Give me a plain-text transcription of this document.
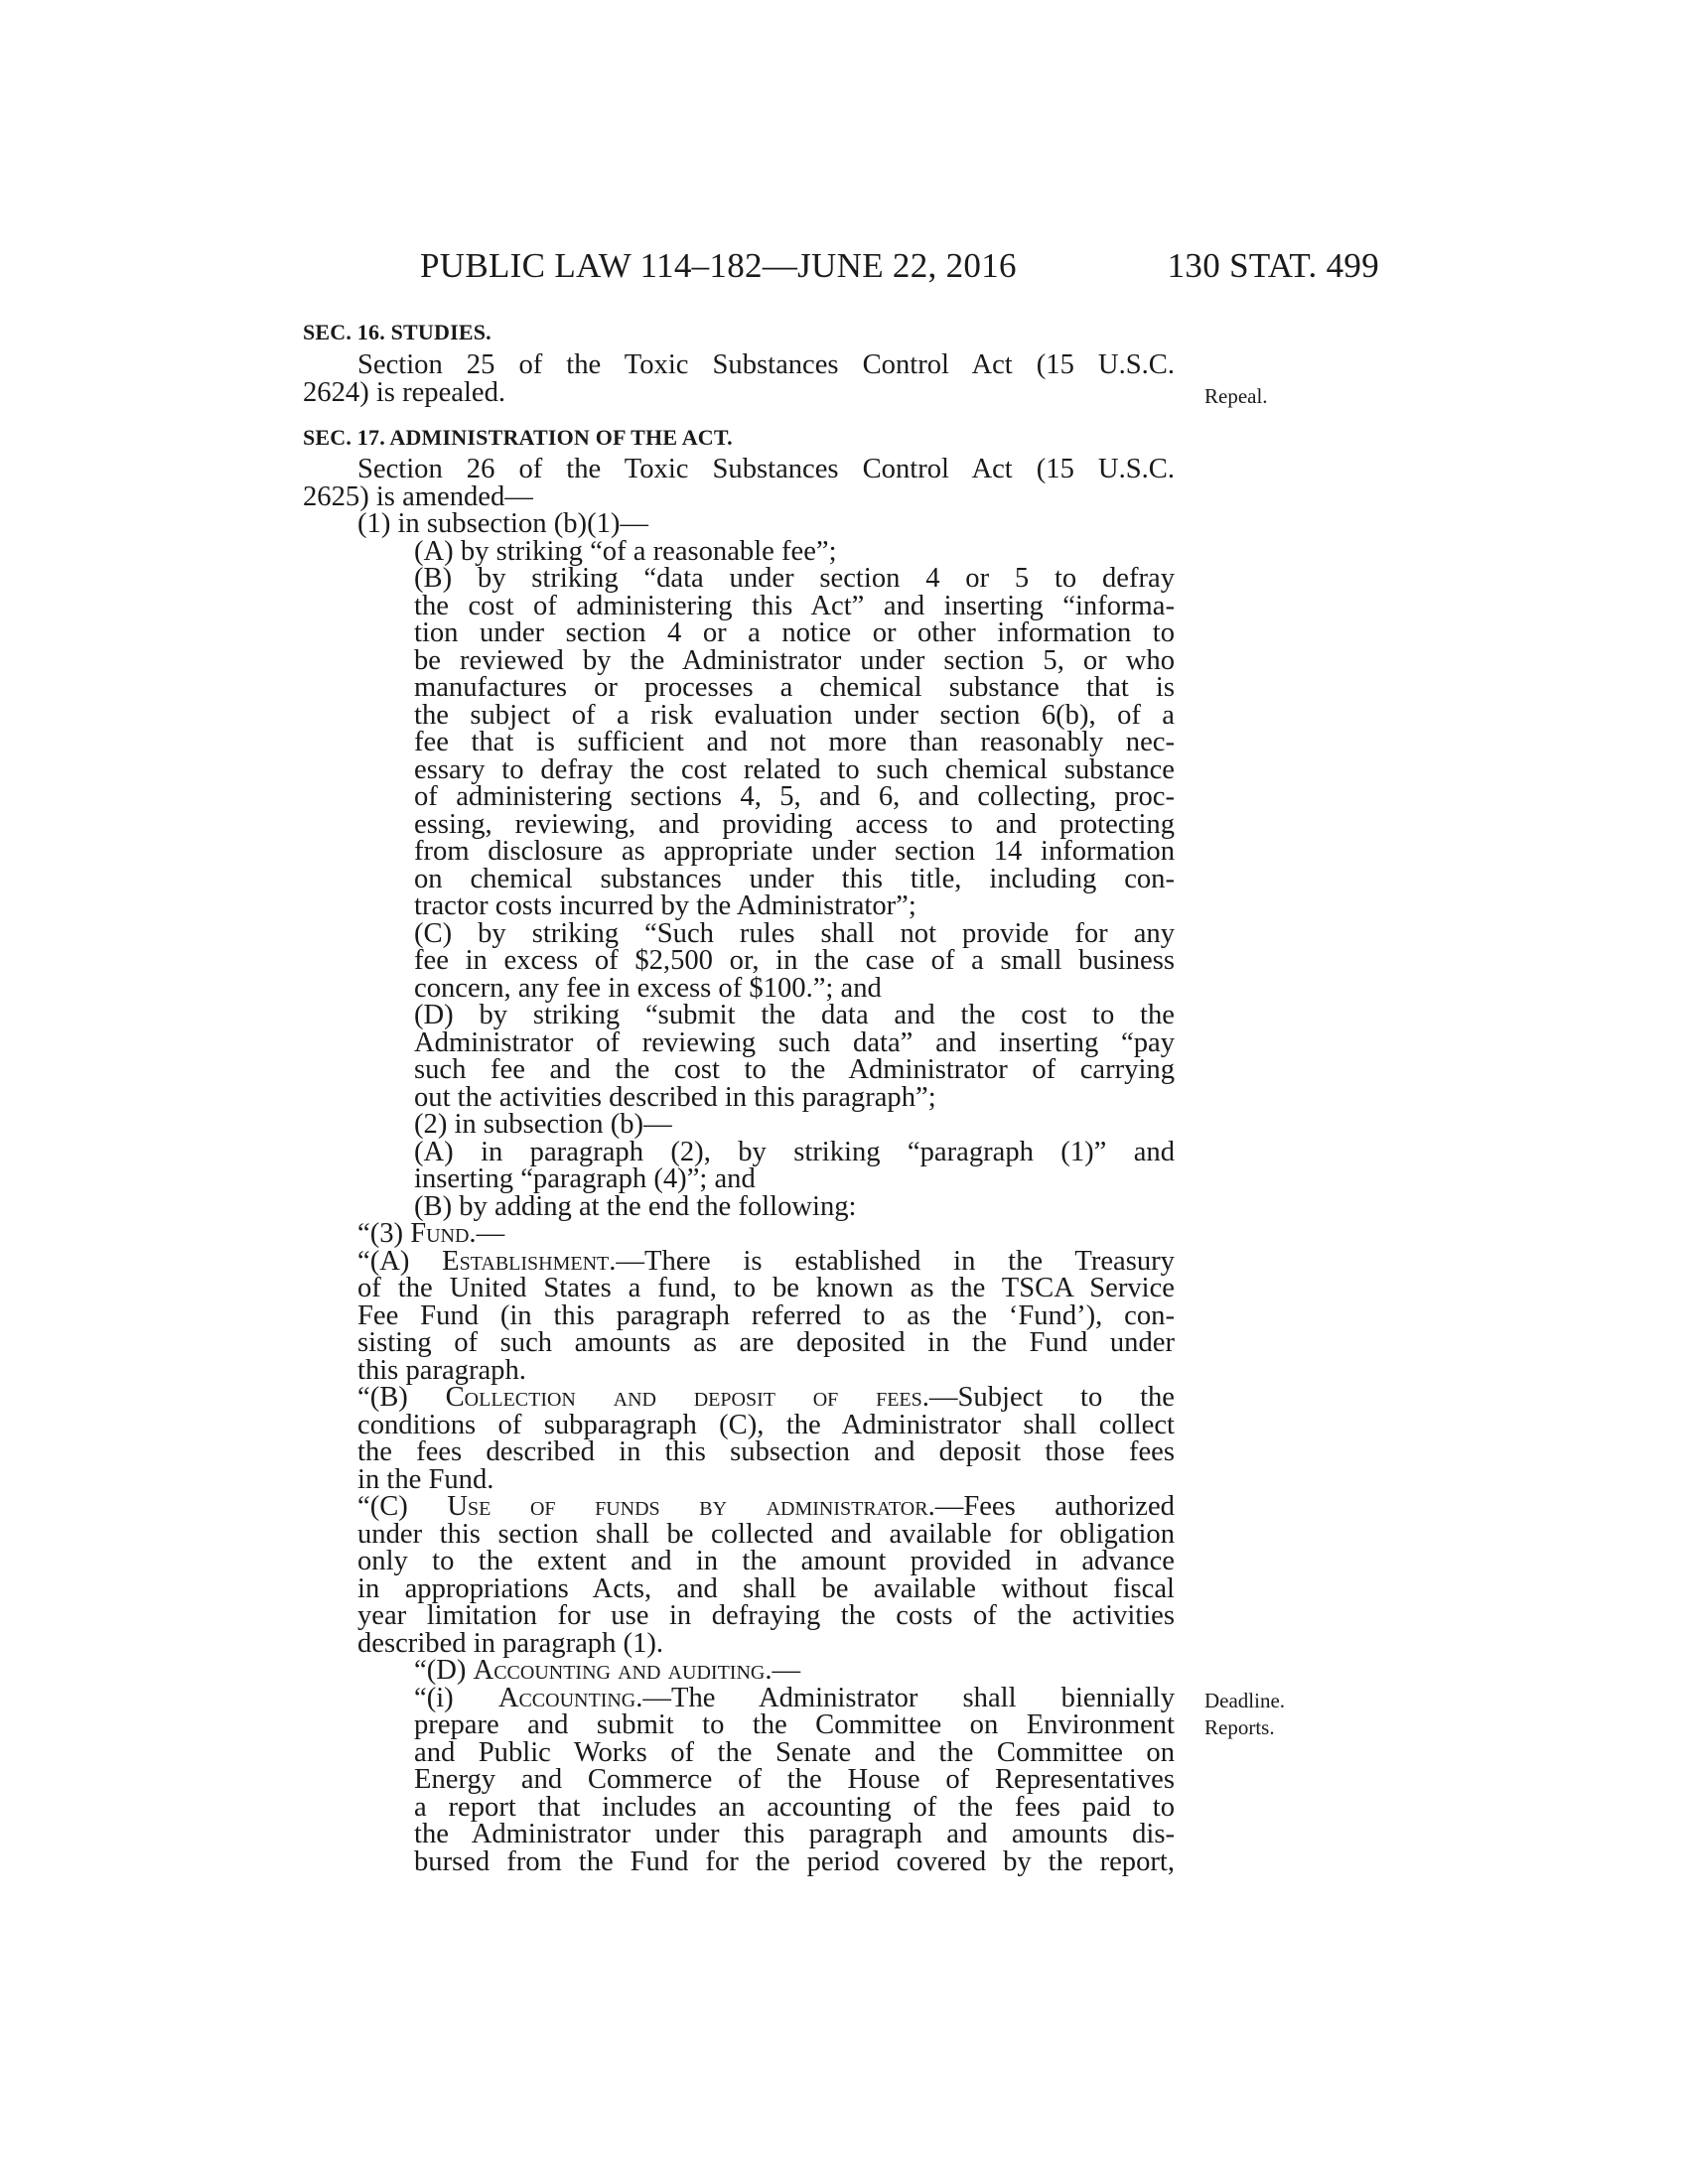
PUBLIC LAW 114–182—JUNE 22, 2016	130 STAT. 499
SEC. 16. STUDIES.
Section 25 of the Toxic Substances Control Act (15 U.S.C.
2624) is repealed.	Repeal.
SEC. 17. ADMINISTRATION OF THE ACT.
Section 26 of the Toxic Substances Control Act (15 U.S.C.
2625) is amended—
(1) in subsection (b)(1)—
(A) by striking “of a reasonable fee”;
(B) by striking “data under section 4 or 5 to defray
the cost of administering this Act” and inserting “informa-
tion under section 4 or a notice or other information to
be reviewed by the Administrator under section 5, or who
manufactures or processes a chemical substance that is
the subject of a risk evaluation under section 6(b), of a
fee that is sufficient and not more than reasonably nec-
essary to defray the cost related to such chemical substance
of administering sections 4, 5, and 6, and collecting, proc-
essing, reviewing, and providing access to and protecting
from disclosure as appropriate under section 14 information
on chemical substances under this title, including con-
tractor costs incurred by the Administrator”;
(C) by striking “Such rules shall not provide for any
fee in excess of $2,500 or, in the case of a small business
concern, any fee in excess of $100.”; and
(D) by striking “submit the data and the cost to the
Administrator of reviewing such data” and inserting “pay
such fee and the cost to the Administrator of carrying
out the activities described in this paragraph”;
(2) in subsection (b)—
(A) in paragraph (2), by striking “paragraph (1)” and
inserting “paragraph (4)”; and
(B) by adding at the end the following:
“(3) Fund.—
“(A) Establishment.—There is established in the Treasury
of the United States a fund, to be known as the TSCA Service
Fee Fund (in this paragraph referred to as the ‘Fund’), con-
sisting of such amounts as are deposited in the Fund under
this paragraph.
“(B) Collection and deposit of fees.—Subject to the
conditions of subparagraph (C), the Administrator shall collect
the fees described in this subsection and deposit those fees
in the Fund.
“(C) Use of funds by administrator.—Fees authorized
under this section shall be collected and available for obligation
only to the extent and in the amount provided in advance
in appropriations Acts, and shall be available without fiscal
year limitation for use in defraying the costs of the activities
described in paragraph (1).
“(D) Accounting and auditing.—
“(i) Accounting.—The Administrator shall biennially Deadline.
Reports.
prepare and submit to the Committee on Environment
and Public Works of the Senate and the Committee on
Energy and Commerce of the House of Representatives
a report that includes an accounting of the fees paid to
the Administrator under this paragraph and amounts dis-
bursed from the Fund for the period covered by the report,
